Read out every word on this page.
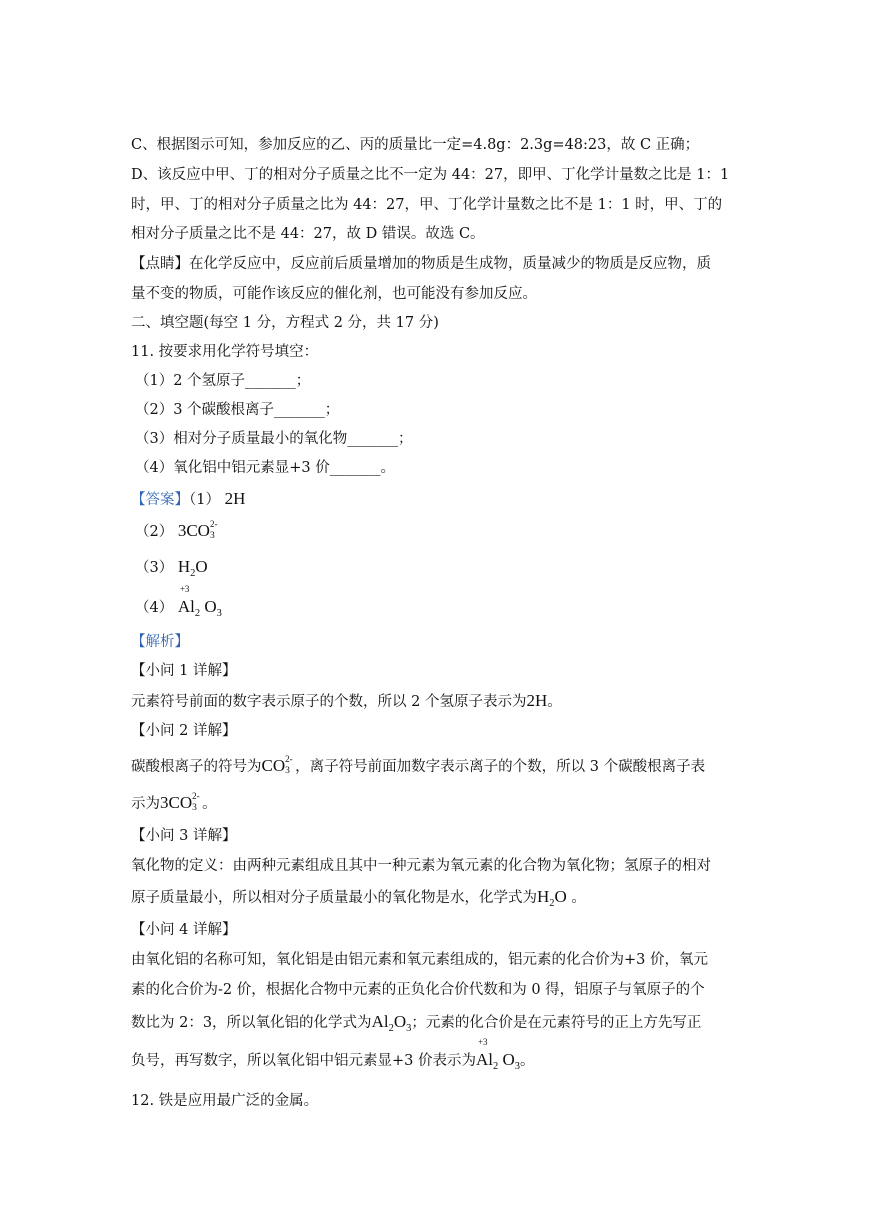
C、根据图示可知，参加反应的乙、丙的质量比一定=4.8g：2.3g=48:23，故 C 正确；
D、该反应中甲、丁的相对分子质量之比不一定为 44：27，即甲、丁化学计量数之比是 1：1
时，甲、丁的相对分子质量之比为 44：27，甲、丁化学计量数之比不是 1：1 时，甲、丁的
相对分子质量之比不是 44：27，故 D 错误。故选 C。
【点睛】在化学反应中，反应前后质量增加的物质是生成物，质量减少的物质是反应物，质
量不变的物质，可能作该反应的催化剂，也可能没有参加反应。
二、填空题(每空 1 分，方程式 2 分，共 17 分)
11. 按要求用化学符号填空：
（1）2 个氢原子_______；
（2）3 个碳酸根离子_______；
（3）相对分子质量最小的氧化物_______；
（4）氧化铝中铝元素显+3 价_______。
【答案】（1） 2H
（2） 3CO 2-
3
（3） $H_2O$
（4）
+3
$Al_2$ $O_3$
【解析】
【小问 1 详解】
元素符号前面的数字表示原子的个数，所以 2 个氢原子表示为2H。
【小问 2 详解】
碳酸根离子的符号为CO 2-
3 ，离子符号前面加数字表示离子的个数，所以 3 个碳酸根离子表
示为3CO 2-
3 。
【小问 3 详解】
氧化物的定义：由两种元素组成且其中一种元素为氧元素的化合物为氧化物；氢原子的相对
原子质量最小，所以相对分子质量最小的氧化物是水，化学式为$H_2O$ 。
【小问 4 详解】
由氧化铝的名称可知，氧化铝是由铝元素和氧元素组成的，铝元素的化合价为+3 价，氧元
素的化合价为-2 价，根据化合物中元素的正负化合价代数和为 0 得，铝原子与氧原子的个
数比为 2：3，所以氧化铝的化学式为$Al_2O_3$；元素的化合价是在元素符号的正上方先写正
负号，再写数字，所以氧化铝中铝元素显+3 价表示为
+3
$Al_2$ $O_3$。
12. 铁是应用最广泛的金属。
